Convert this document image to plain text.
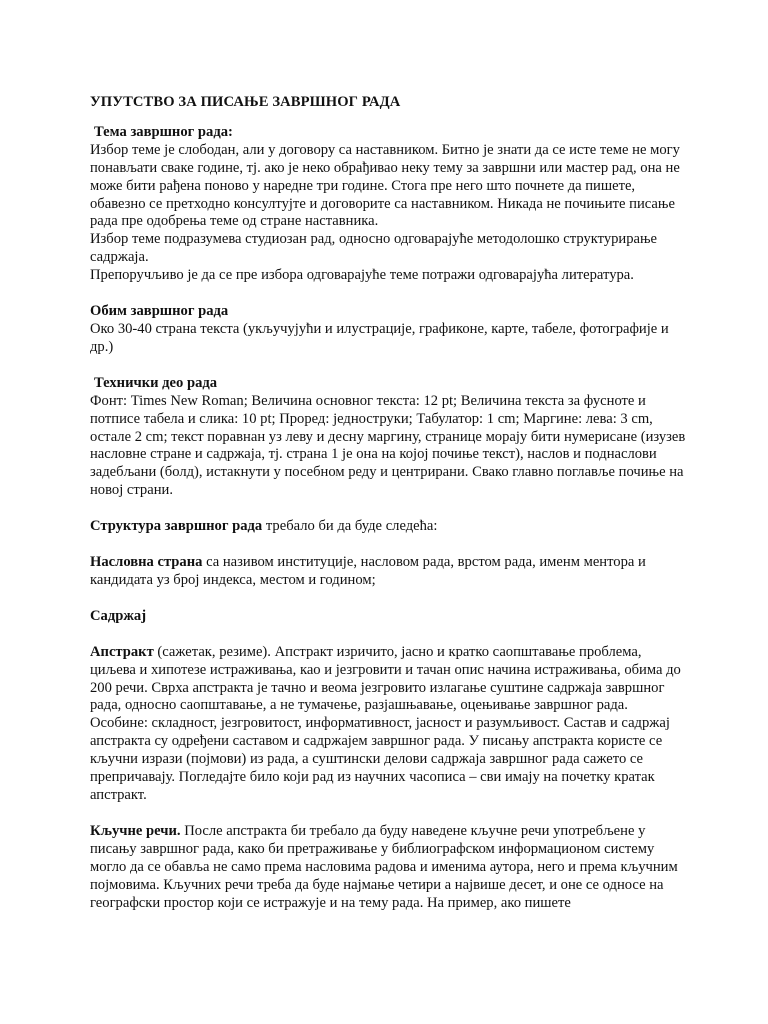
УПУТСТВО ЗА ПИСАЊЕ ЗАВРШНОГ РАДА

Тема завршног рада:

Избор теме је слободан, али у договору са наставником. Битно је знати да се исте теме не могу понављати сваке године, тј. ако је неко обрађивао неку тему за завршни или мастер рад, она не може бити рађена поново у наредне три године. Стога пре него што почнете да пишете, обавезно се претходно консултујте и договорите са наставником. Никада не почињите писање рада пре одобрења теме од стране наставника.

Избор теме подразумева студиозан рад, односно одговарајуће методолошко структурирање садржаја.

Препоручљиво је да се пре избора одговарајуће теме потражи одговарајућа литература.

Обим завршног рада

Око 30-40 страна текста (укључујући и илустрације, графиконе, карте, табеле, фотографије и др.)

Технички део рада

Фонт: Times New Roman; Величина основног текста: 12 pt; Величина текста за фусноте и потписе табела и слика: 10 pt; Проред: једноструки; Табулатор: 1 cm; Маргине: лева: 3 cm, остале 2 cm; текст поравнан уз леву и десну маргину, странице морају бити нумерисане (изузев насловне стране и садржаја, тј. страна 1 је она на којој почиње текст), наслов и поднаслови задебљани (болд), истакнути у посебном реду и центрирани. Свако главно поглавље почиње на новој страни.

Структура завршног рада требало би да буде следећа:

Насловна страна са називом институције, насловом рада, врстом рада, именм ментора и кандидата уз број индекса, местом и годином;

Садржај

Апстракт (сажетак, резиме). Апстракт изричито, јасно и кратко саопштавање проблема, циљева и хипотезе истраживања, као и језгровити и тачан опис начина истраживања, обима до 200 речи. Сврха апстракта је тачно и веома језгровито излагање суштине садржаја завршног рада, односно саопштавање, а не тумачење, разјашњавање, оцењивање завршног рада. Особине: складност, језгровитост, информативност, јасност и разумљивост. Састав и садржај апстракта су одређени саставом и садржајем завршног рада. У писању апстракта користе се кључни изрази (појмови) из рада, а суштински делови садржаја завршног рада сажето се препричавају. Погледајте било који рад из научних часописа – сви имају на почетку кратак апстракт.

Кључне речи. После апстракта би требало да буду наведене кључне речи употребљене у писању завршног рада, како би претраживање у библиографском информационом систему могло да се обавља не само према насловима радова и именима аутора, него и према кључним појмовима. Кључних речи треба да буде најмање четири а највише десет, и оне се односе на географски простор који се истражује и на тему рада. На пример, ако пишете
